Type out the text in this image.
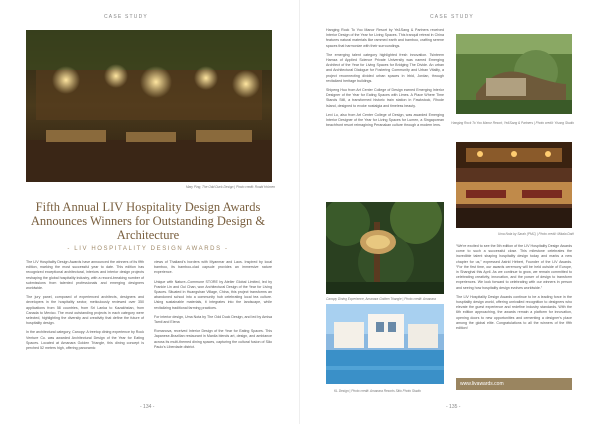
CASE STUDY
Mary Ping, The Odd Duck Design | Photo credit: Roald Holmen
Fifth Annual LIV Hospitality Design Awards Announces Winners for Outstanding Design & Architecture
- LIV HOSPITALITY DESIGN AWARDS -

The LIV Hospitality Design Awards have announced the winners of its fifth edition, marking the most successful year to date. This edition has recognized exceptional architectural, interiors and interior design projects reshaping the global hospitality industry, with a record-breaking number of submissions from talented professionals and emerging designers worldwide.

The jury panel, composed of experienced architects, designers and developers in the hospitality sector, meticulously reviewed over 350 applications from 58 countries, from Sri Lanka to Kazakhstan, from Canada to Mexico. The most outstanding projects in each category were selected, highlighting the diversity and creativity that define the future of hospitality design.

In the architectural category, Canopy: A treetop dining experience by Rock Venture Co. was awarded Architectural Design of the Year for Eating Spaces. Located at Amanara Golden Triangle, this dining concept is perched 52 meters high, offering panoramic

views of Thailand's borders with Myanmar and Laos. Inspired by local bamboo, its bamboo-clad capsule provides an immersive nature experience.

Unique with Nature–Commune STORE by Atelier Global Limited, led by Frankie Lin and Oui Chan, won Architectural Design of the Year for Living Spaces. Situated in Huangshan Village, China, this project transforms an abandoned school into a community hub celebrating local tea culture. Using sustainable materials, it integrates into the landscape, while revitalizing traditional farming practices.

For interior design, Uma Nota by The Odd Duck Design, and led by Amisa Tamil and Elena

Romanova, received Interior Design of the Year for Eating Spaces. This Japanese-Brazilian restaurant in Manila blends art, design, and ambiance across its multi-themed dining spaces, capturing the cultural fusion of São Paulo's Liberdade district.

- 134 -
CASE STUDY

Hanging Rock To Yoo Manor Resort by Ye&Sang & Partners received Interior Design of the Year for Living Spaces. This tranquil retreat in China features natural materials like rammed earth and bamboo, crafting serene spaces that harmonize with their surroundings.

The emerging talent category highlighted fresh innovation. Tsinteem Hamza of Applied Science Private University was named Emerging Architect of the Year for Living Spaces for Bridging The Divide. An urban and Architectural Dialogue for Fostering Community and Urban Vitality, a project reconnecting divided urban spaces in Irbid, Jordan, through revitalized heritage buildings.

Shipeng Huo from Art Center College of Design earned Emerging Interior Designer of the Year for Eating Spaces with Limes. A Place Where Time Stands Still, a transformed historic train station in Fawkstock, Rhode Island, designed to evoke nostalgia and timeless beauty.

Lexi Lu, also from Art Center College of Design, was awarded Emerging Interior Designer of the Year for Living Spaces for Lumen, a Singaporean beachfront resort reimagining Peranakan culture through a modern lens.

Hanging Rock To Yoo Manor Resort, Ye&Sang & Partners | Photo credit: Yisong Studio
Uma Nota by Sarah (PMC) | Photo credit: Mikala Dahl
Canopy Dining Experience, Amanara Golden Triangle | Photo credit: Amanara
KL Design | Photo credit: Amanara Resorts Sitio Photo Studio

“We're excited to see the 5th edition of the LIV Hospitality Design Awards come to such a successful close. This milestone celebrates the incredible talent shaping hospitality design today and marks a new chapter for us,” expressed Astrid Hébert, Founder of the LIV Awards. “For the first time, our awards ceremony will be held outside of Europe, in Shanghai this April. As we continue to grow, we remain committed to celebrating creativity, innovation, and the power of design to transform experiences. We look forward to celebrating with our winners in person and seeing how hospitality design evolves worldwide.”

The LIV Hospitality Design Awards continue to be a leading force in the hospitality design world, offering unrivalled recognition to designers who elevate the guest experience and redefine industry standards. With the 6th edition approaching, the awards remain a platform for innovation, opening doors to new opportunities and cementing a designer's place among the global elite. Congratulations to all the winners of the fifth edition!

www.livawards.com
- 135 -
